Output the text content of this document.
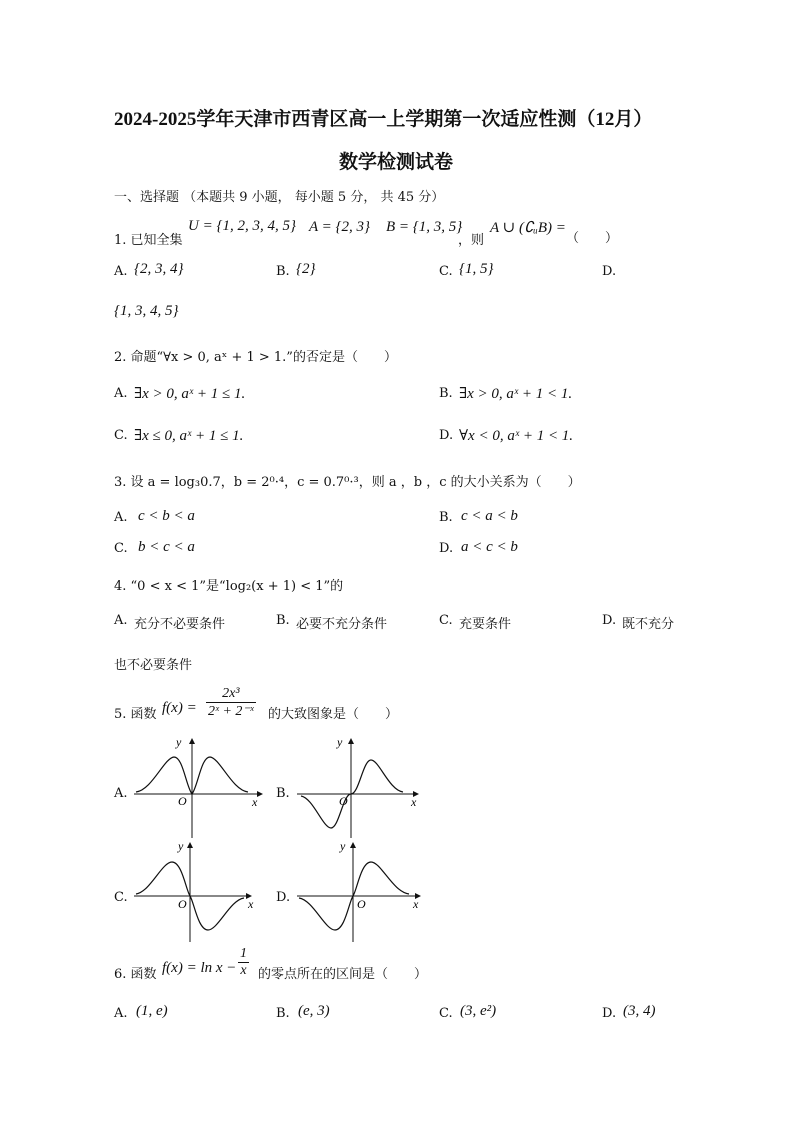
2024-2025学年天津市西青区高一上学期第一次适应性测（12月）
数学检测试卷
一、选择题 （本题共 9 小题， 每小题 5 分， 共 45 分）
1. 已知全集
U = {1, 2, 3, 4, 5} A = {2, 3} B = {1, 3, 5}
，则
A ∪ (∁ᵤB) =
（　　）
A. {2, 3, 4}	B. {2}	C. {1, 5}	D.
{1, 3, 4, 5}
2. 命题“∀x > 0, aˣ + 1 > 1.”的否定是（　　）
A. ∃x > 0, aˣ + 1 ≤ 1.	B. ∃x > 0, aˣ + 1 < 1.
C. ∃x ≤ 0, aˣ + 1 ≤ 1.	D. ∀x < 0, aˣ + 1 < 1.
3. 设 a = log₃0.7，b = 2⁰·⁴，c = 0.7⁰·³，则 a ，b ，c 的大小关系为（　　）
A. c < b < a	B. c < a < b
C. b < c < a	D. a < c < b
4. “0 < x < 1”是“log₂(x + 1) < 1”的
A. 充分不必要条件	B. 必要不充分条件	C. 充要条件	D. 既不充分
也不必要条件
5. 函数 $f(x) = \frac{\text{2x³}}{\text{2ˣ + 2⁻ˣ}}$ 的大致图象是（　　）
A.	B.
C.	D.
y
x
O
y
x
O
y
x
O
y
x
O
6. 函数 $f(x) = \ln x - \frac{1}{x}$ 的零点所在的区间是（　　）
A. (1, e)	B. (e, 3)	C. (3, e²)	D. (3, 4)
